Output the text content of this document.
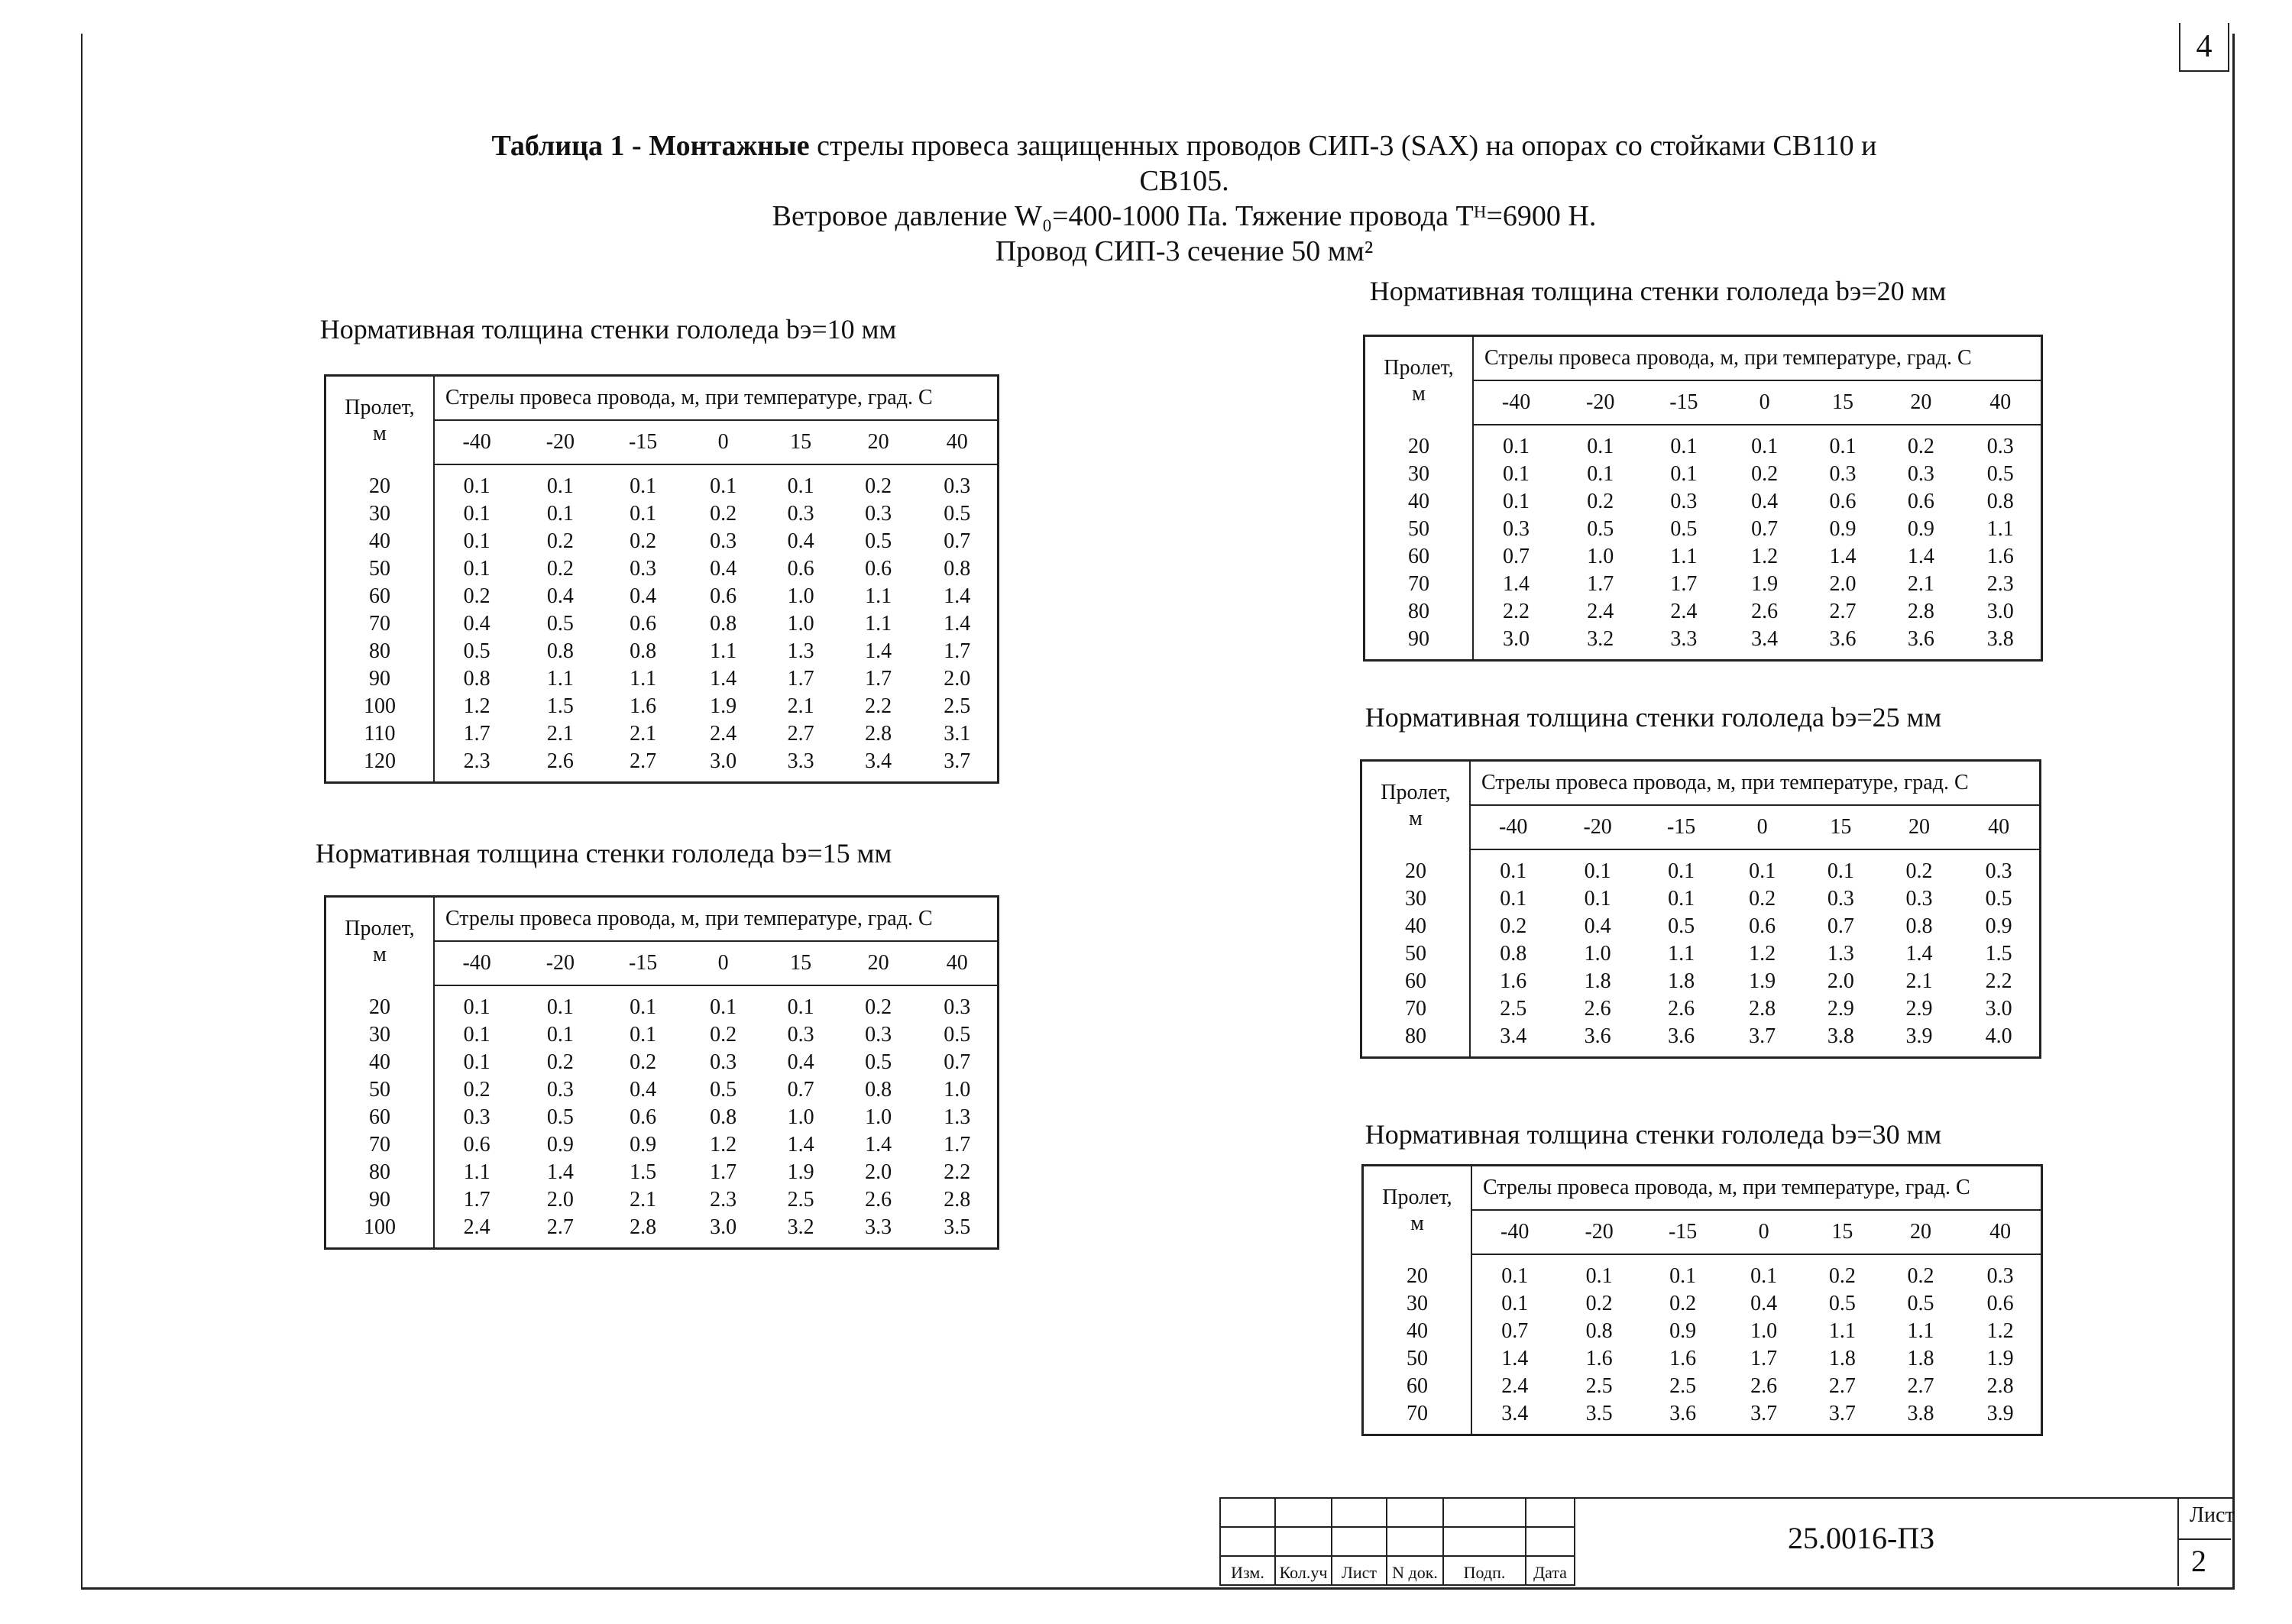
4
Таблица 1 - Монтажные стрелы провеса защищенных проводов СИП-3 (SAX) на опорах со стойками СВ110 и СВ105.
Ветровое давление W₀=400-1000 Па. Тяжение провода Tᴴ=6900 Н.
Провод СИП-3 сечение 50 мм²
Нормативная толщина стенки гололеда bэ=10 мм
Нормативная толщина стенки гололеда bэ=15 мм
Нормативная толщина стенки гололеда bэ=20 мм
Нормативная толщина стенки гололеда bэ=25 мм
Нормативная толщина стенки гололеда bэ=30 мм
Пролет,
м	Стрелы провеса провода, м, при температуре, град. С						
	-40	-20	-15	0	15	20	40
20	0.1	0.1	0.1	0.1	0.1	0.2	0.3
30	0.1	0.1	0.1	0.2	0.3	0.3	0.5
40	0.1	0.2	0.2	0.3	0.4	0.5	0.7
50	0.1	0.2	0.3	0.4	0.6	0.6	0.8
60	0.2	0.4	0.4	0.6	1.0	1.1	1.4
70	0.4	0.5	0.6	0.8	1.0	1.1	1.4
80	0.5	0.8	0.8	1.1	1.3	1.4	1.7
90	0.8	1.1	1.1	1.4	1.7	1.7	2.0
100	1.2	1.5	1.6	1.9	2.1	2.2	2.5
110	1.7	2.1	2.1	2.4	2.7	2.8	3.1
120	2.3	2.6	2.7	3.0	3.3	3.4	3.7
Пролет,
м	Стрелы провеса провода, м, при температуре, град. С						
	-40	-20	-15	0	15	20	40
20	0.1	0.1	0.1	0.1	0.1	0.2	0.3
30	0.1	0.1	0.1	0.2	0.3	0.3	0.5
40	0.1	0.2	0.2	0.3	0.4	0.5	0.7
50	0.2	0.3	0.4	0.5	0.7	0.8	1.0
60	0.3	0.5	0.6	0.8	1.0	1.0	1.3
70	0.6	0.9	0.9	1.2	1.4	1.4	1.7
80	1.1	1.4	1.5	1.7	1.9	2.0	2.2
90	1.7	2.0	2.1	2.3	2.5	2.6	2.8
100	2.4	2.7	2.8	3.0	3.2	3.3	3.5
Пролет,
м	Стрелы провеса провода, м, при температуре, град. С						
	-40	-20	-15	0	15	20	40
20	0.1	0.1	0.1	0.1	0.1	0.2	0.3
30	0.1	0.1	0.1	0.2	0.3	0.3	0.5
40	0.1	0.2	0.3	0.4	0.6	0.6	0.8
50	0.3	0.5	0.5	0.7	0.9	0.9	1.1
60	0.7	1.0	1.1	1.2	1.4	1.4	1.6
70	1.4	1.7	1.7	1.9	2.0	2.1	2.3
80	2.2	2.4	2.4	2.6	2.7	2.8	3.0
90	3.0	3.2	3.3	3.4	3.6	3.6	3.8
Пролет,
м	Стрелы провеса провода, м, при температуре, град. С						
	-40	-20	-15	0	15	20	40
20	0.1	0.1	0.1	0.1	0.1	0.2	0.3
30	0.1	0.1	0.1	0.2	0.3	0.3	0.5
40	0.2	0.4	0.5	0.6	0.7	0.8	0.9
50	0.8	1.0	1.1	1.2	1.3	1.4	1.5
60	1.6	1.8	1.8	1.9	2.0	2.1	2.2
70	2.5	2.6	2.6	2.8	2.9	2.9	3.0
80	3.4	3.6	3.6	3.7	3.8	3.9	4.0
Пролет,
м	Стрелы провеса провода, м, при температуре, град. С						
	-40	-20	-15	0	15	20	40
20	0.1	0.1	0.1	0.1	0.2	0.2	0.3
30	0.1	0.2	0.2	0.4	0.5	0.5	0.6
40	0.7	0.8	0.9	1.0	1.1	1.1	1.2
50	1.4	1.6	1.6	1.7	1.8	1.8	1.9
60	2.4	2.5	2.5	2.6	2.7	2.7	2.8
70	3.4	3.5	3.6	3.7	3.7	3.8	3.9
Изм. Кол.уч Лист N док.	Подп.	Дата
25.0016-ПЗ
Лист
2
